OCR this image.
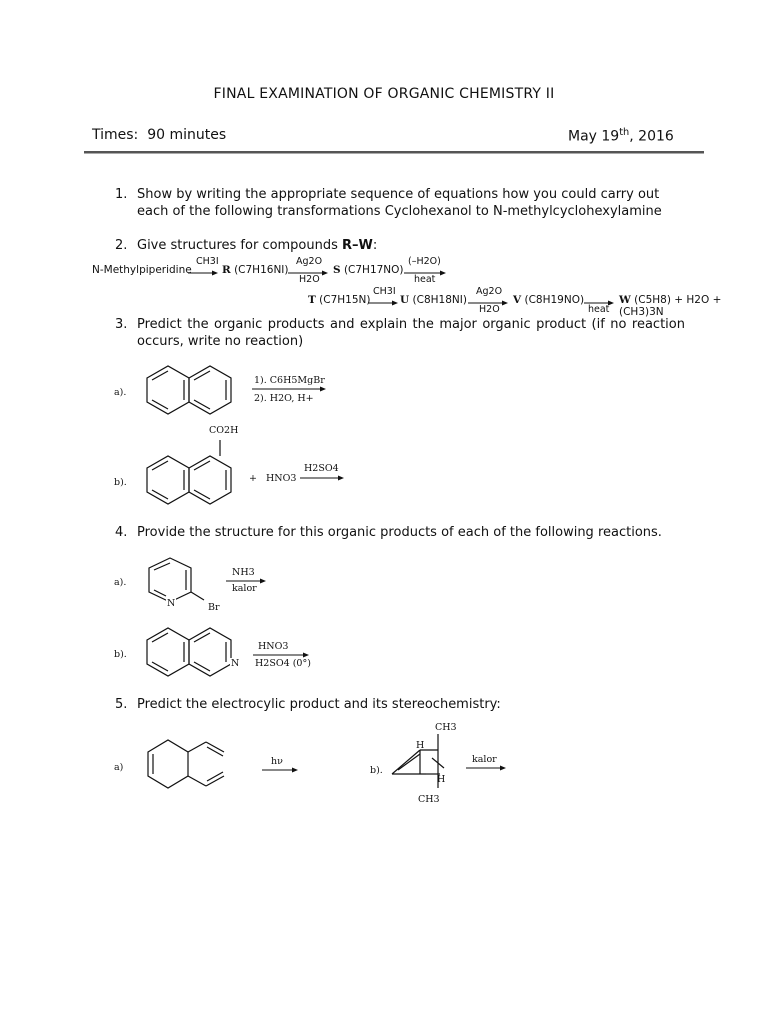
FINAL EXAMINATION OF ORGANIC CHEMISTRY II
Times: 90 minutes	May 19th, 2016
1. Show by writing the appropriate sequence of equations how you could carry out each of the following transformations Cyclohexanol to N-methylcyclohexylamine
2. Give structures for compounds R–W:
N-Methylpiperidine
CH3I
→ R (C7H16NI)
Ag2O
H2O
S (C7H17NO)
(–H2O)
heat
T (C7H15N)
CH3I
→ U (C8H18NI)
Ag2O
H2O
V (C8H19NO) →
heat
W (C5H8) + H2O + (CH3)3N
3. Predict the organic products and explain the major organic product (if no reaction occurs, write no reaction)
a).
1). C6H5MgBr
2). H2O, H+
CO2H
b).	+ HNO3
H2SO4
4. Provide the structure for this organic products of each of the following reactions.
a).
N	Br
NH3
kalor
b).
N
HNO3
H2SO4 (0°)
5. Predict the electrocylic product and its stereochemistry:
a)
hν
b).
CH3
H
H
CH3
kalor
